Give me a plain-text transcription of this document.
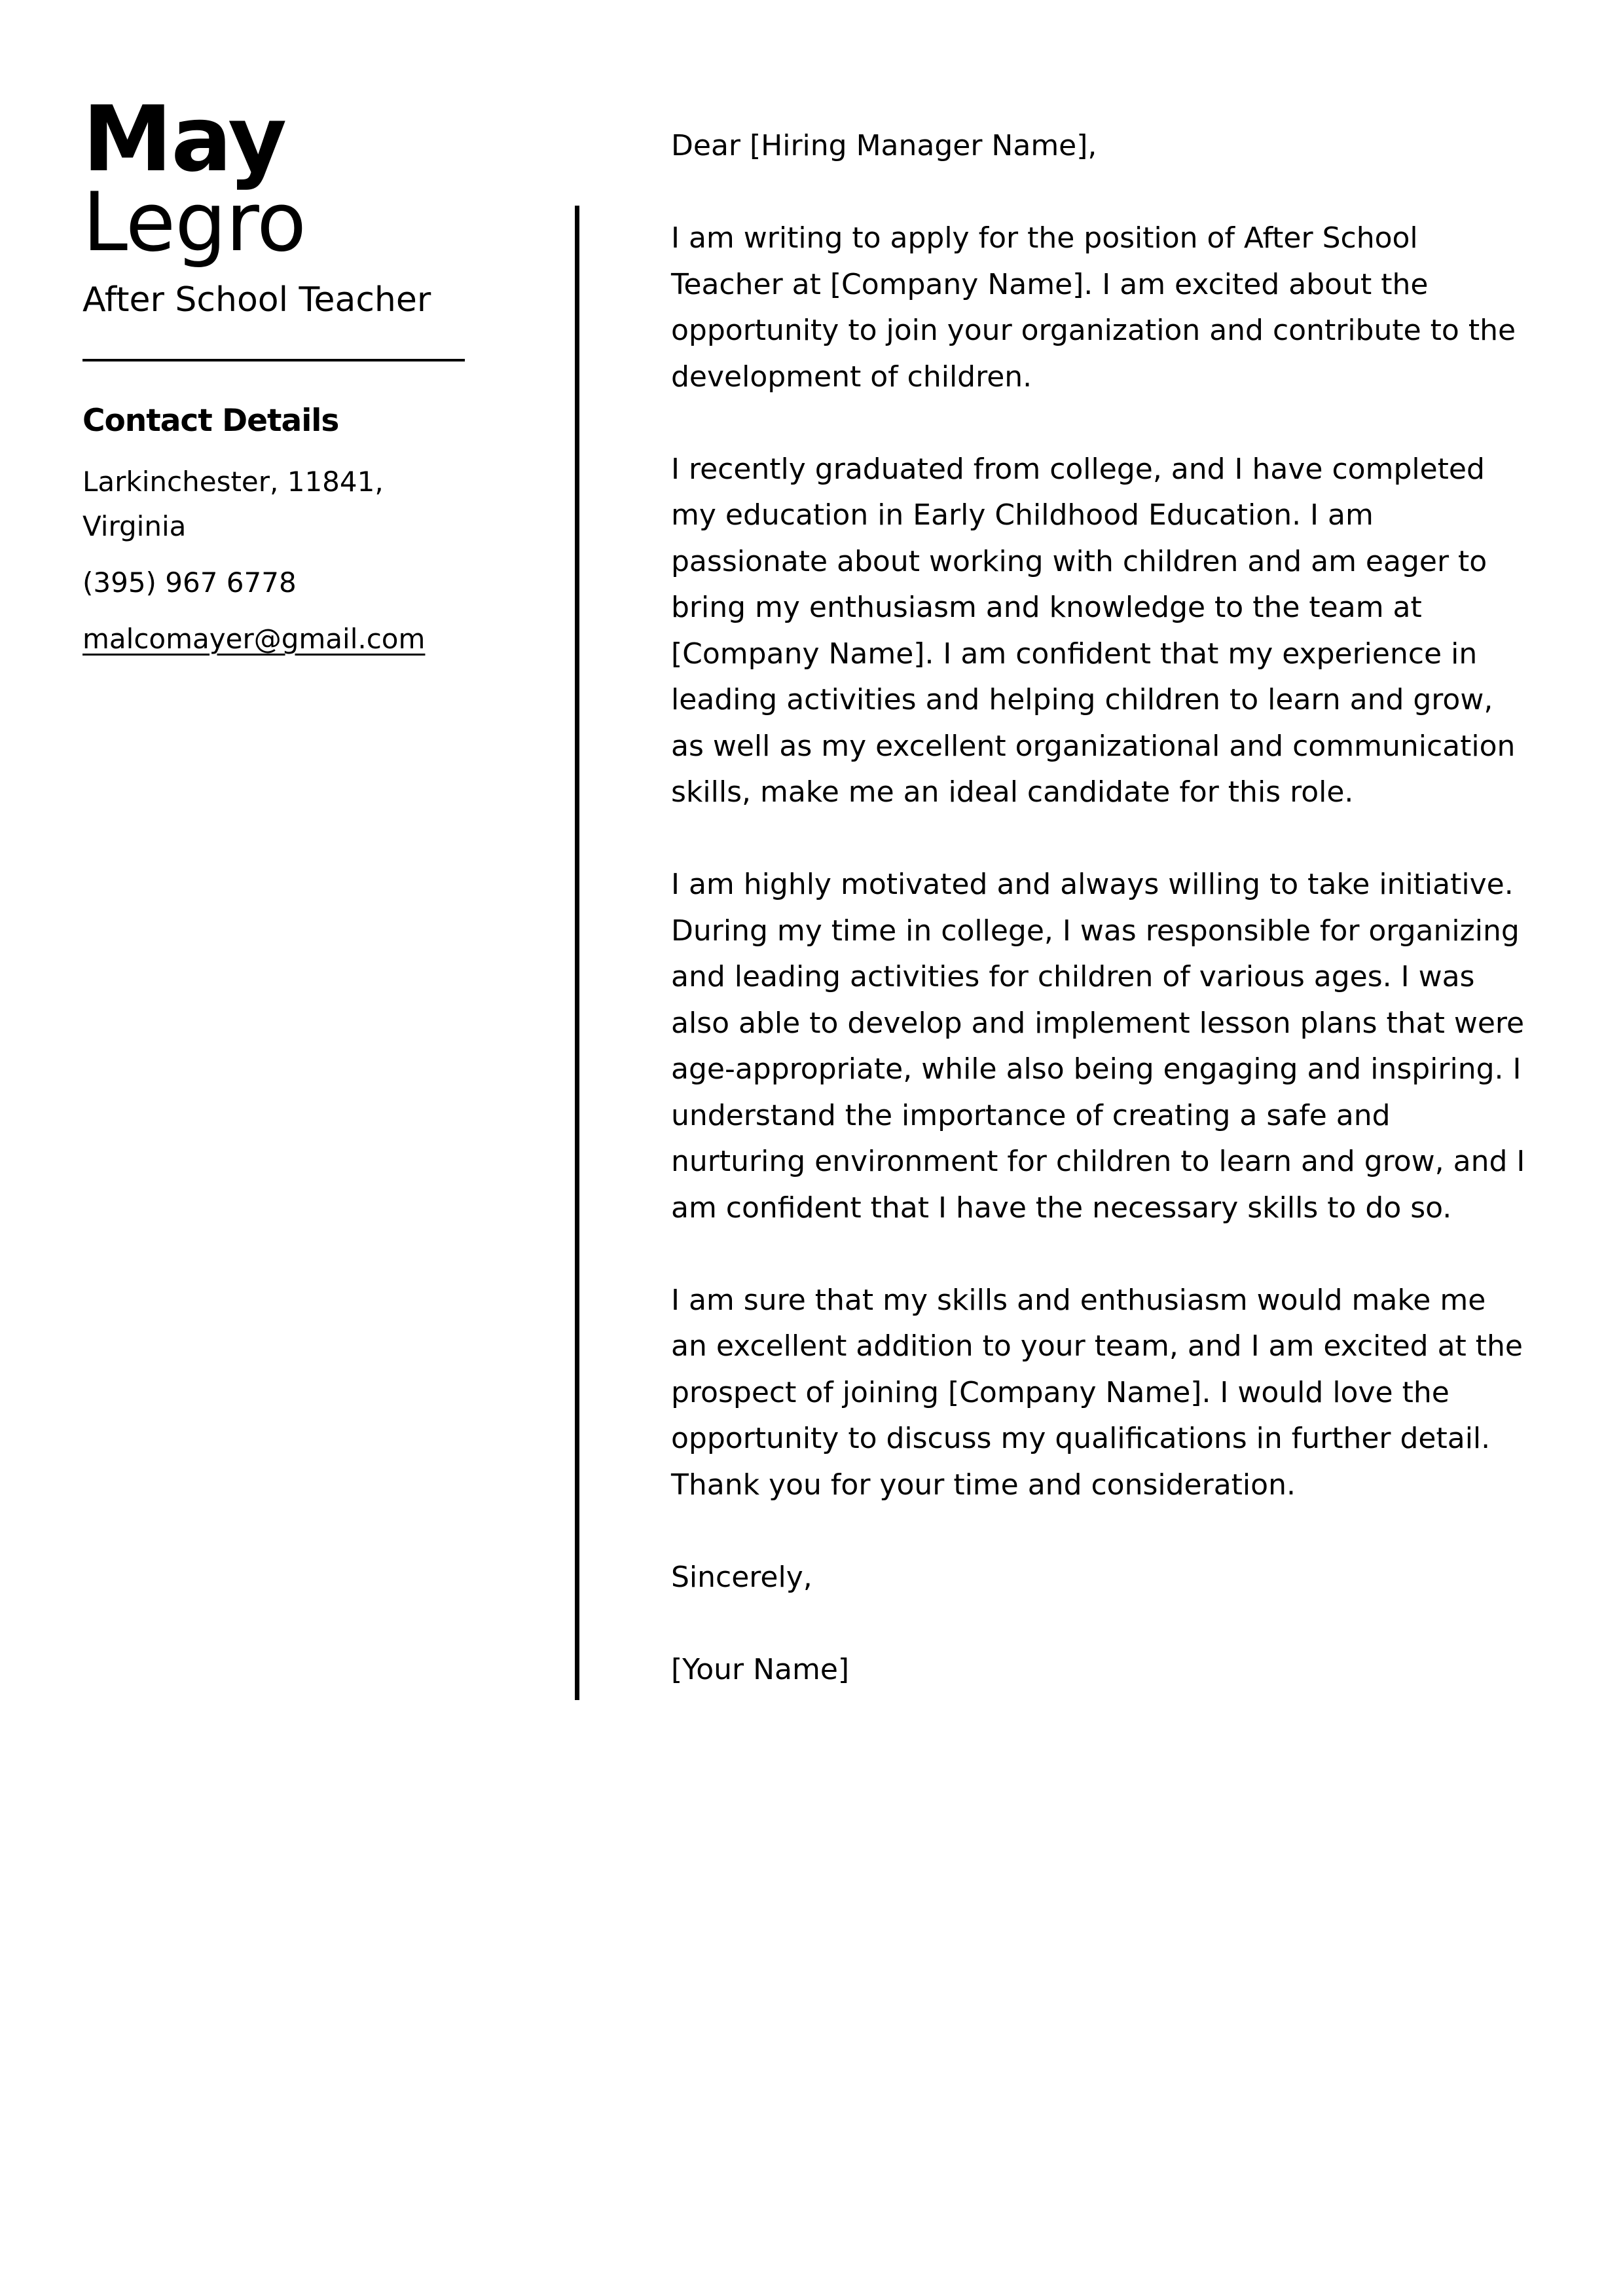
May
Legro
After School Teacher
Contact Details
Larkinchester, 11841, Virginia
(395) 967 6778
malcomayer@gmail.com

Dear [Hiring Manager Name],

I am writing to apply for the position of After School Teacher at [Company Name]. I am excited about the opportunity to join your organization and contribute to the development of children.

I recently graduated from college, and I have completed my education in Early Childhood Education. I am passionate about working with children and am eager to bring my enthusiasm and knowledge to the team at [Company Name]. I am confident that my experience in leading activities and helping children to learn and grow, as well as my excellent organizational and communication skills, make me an ideal candidate for this role.

I am highly motivated and always willing to take initiative. During my time in college, I was responsible for organizing and leading activities for children of various ages. I was also able to develop and implement lesson plans that were age-appropriate, while also being engaging and inspiring. I understand the importance of creating a safe and nurturing environment for children to learn and grow, and I am confident that I have the necessary skills to do so.

I am sure that my skills and enthusiasm would make me an excellent addition to your team, and I am excited at the prospect of joining [Company Name]. I would love the opportunity to discuss my qualifications in further detail. Thank you for your time and consideration.

Sincerely,

[Your Name]
